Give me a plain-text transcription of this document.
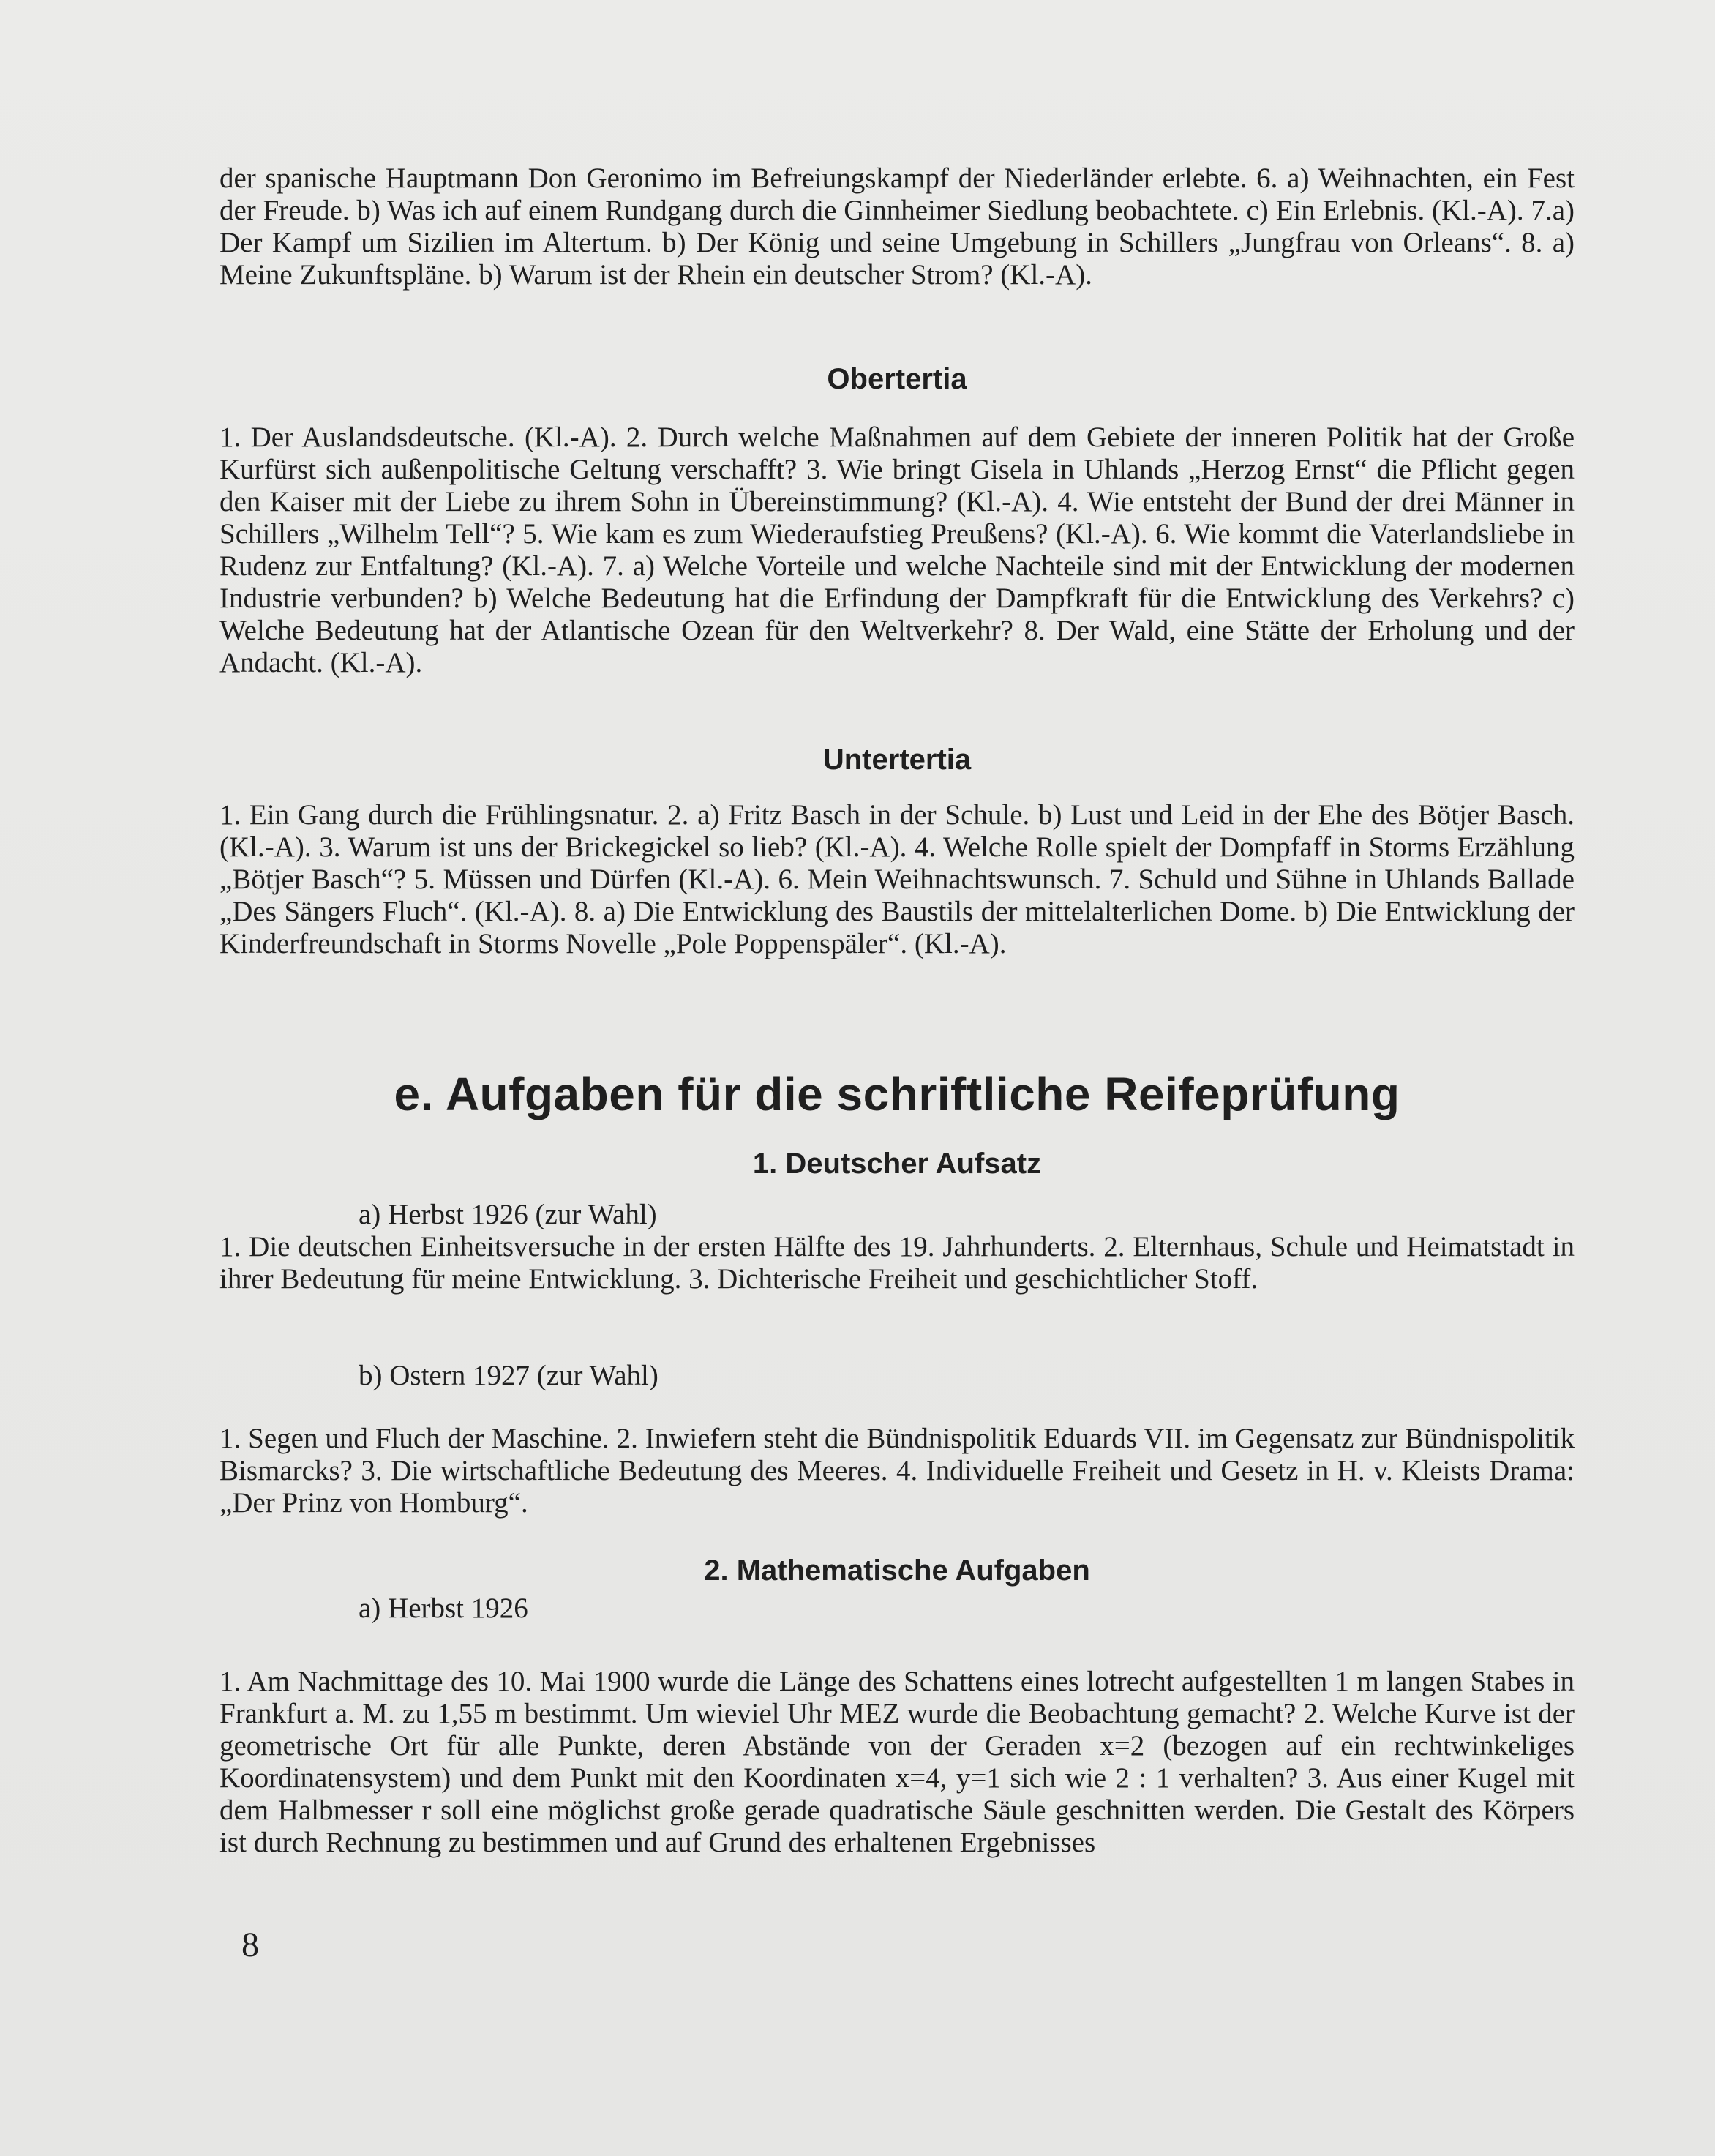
der spanische Hauptmann Don Geronimo im Befreiungskampf der Niederländer erlebte. 6. a) Weihnachten, ein Fest der Freude. b) Was ich auf einem Rundgang durch die Ginnheimer Siedlung beobachtete. c) Ein Erlebnis. (Kl.-A). 7.a) Der Kampf um Sizilien im Altertum. b) Der König und seine Umgebung in Schillers „Jungfrau von Orleans“. 8. a) Meine Zukunftspläne. b) Warum ist der Rhein ein deutscher Strom? (Kl.-A).

Obertertia

1. Der Auslandsdeutsche. (Kl.-A). 2. Durch welche Maßnahmen auf dem Gebiete der inneren Politik hat der Große Kurfürst sich außenpolitische Geltung verschafft? 3. Wie bringt Gisela in Uhlands „Herzog Ernst“ die Pflicht gegen den Kaiser mit der Liebe zu ihrem Sohn in Übereinstimmung? (Kl.-A). 4. Wie entsteht der Bund der drei Männer in Schillers „Wilhelm Tell“? 5. Wie kam es zum Wiederaufstieg Preußens? (Kl.-A). 6. Wie kommt die Vaterlandsliebe in Rudenz zur Entfaltung? (Kl.-A). 7. a) Welche Vorteile und welche Nachteile sind mit der Entwicklung der modernen Industrie verbunden? b) Welche Bedeutung hat die Erfindung der Dampfkraft für die Entwicklung des Verkehrs? c) Welche Bedeutung hat der Atlantische Ozean für den Weltverkehr? 8. Der Wald, eine Stätte der Erholung und der Andacht. (Kl.-A).

Untertertia

1. Ein Gang durch die Frühlingsnatur. 2. a) Fritz Basch in der Schule. b) Lust und Leid in der Ehe des Bötjer Basch. (Kl.-A). 3. Warum ist uns der Brickegickel so lieb? (Kl.-A). 4. Welche Rolle spielt der Dompfaff in Storms Erzählung „Bötjer Basch“? 5. Müssen und Dürfen (Kl.-A). 6. Mein Weihnachtswunsch. 7. Schuld und Sühne in Uhlands Ballade „Des Sängers Fluch“. (Kl.-A). 8. a) Die Entwicklung des Baustils der mittelalterlichen Dome. b) Die Entwicklung der Kinderfreundschaft in Storms Novelle „Pole Poppenspäler“. (Kl.-A).

e. Aufgaben für die schriftliche Reifeprüfung
1. Deutscher Aufsatz

a) Herbst 1926 (zur Wahl)

1. Die deutschen Einheitsversuche in der ersten Hälfte des 19. Jahrhunderts. 2. Elternhaus, Schule und Heimatstadt in ihrer Bedeutung für meine Entwicklung. 3. Dichterische Freiheit und geschichtlicher Stoff.

b) Ostern 1927 (zur Wahl)

1. Segen und Fluch der Maschine. 2. Inwiefern steht die Bündnispolitik Eduards VII. im Gegensatz zur Bündnispolitik Bismarcks? 3. Die wirtschaftliche Bedeutung des Meeres. 4. Individuelle Freiheit und Gesetz in H. v. Kleists Drama: „Der Prinz von Homburg“.

2. Mathematische Aufgaben

a) Herbst 1926

1. Am Nachmittage des 10. Mai 1900 wurde die Länge des Schattens eines lotrecht aufgestellten 1 m langen Stabes in Frankfurt a. M. zu 1,55 m bestimmt. Um wieviel Uhr MEZ wurde die Beobachtung gemacht? 2. Welche Kurve ist der geometrische Ort für alle Punkte, deren Abstände von der Geraden x=2 (bezogen auf ein rechtwinkeliges Koordinatensystem) und dem Punkt mit den Koordinaten x=4, y=1 sich wie 2 : 1 verhalten? 3. Aus einer Kugel mit dem Halbmesser r soll eine möglichst große gerade quadratische Säule geschnitten werden. Die Gestalt des Körpers ist durch Rechnung zu bestimmen und auf Grund des erhaltenen Ergebnisses

8
